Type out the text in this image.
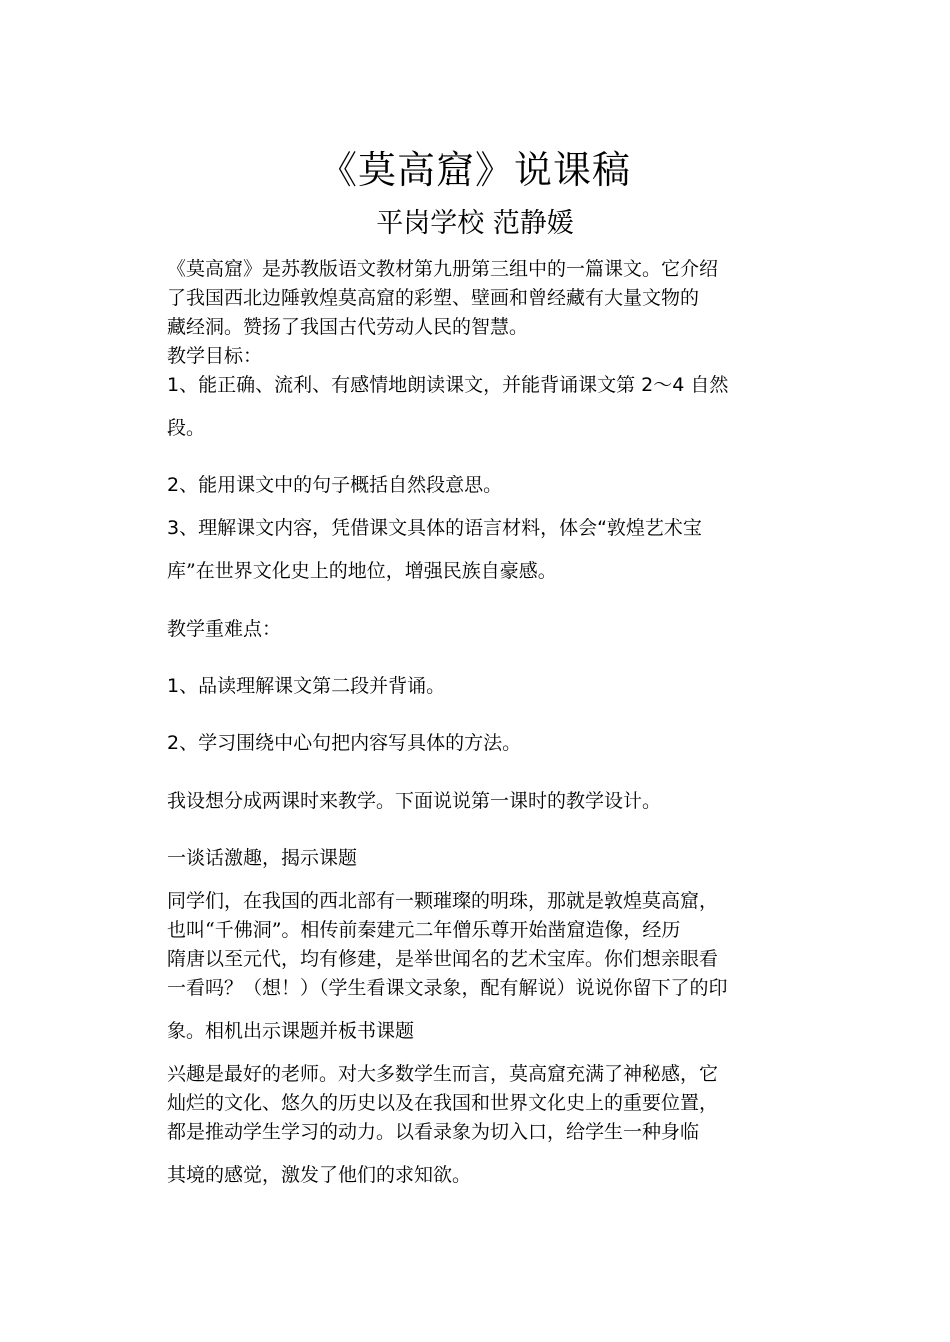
《莫高窟》说课稿
平岗学校 范静媛
《莫高窟》是苏教版语文教材第九册第三组中的一篇课文。它介绍
了我国西北边陲敦煌莫高窟的彩塑、壁画和曾经藏有大量文物的
藏经洞。赞扬了我国古代劳动人民的智慧。
教学目标：
1、能正确、流利、有感情地朗读课文，并能背诵课文第 2～4 自然
段。
2、能用课文中的句子概括自然段意思。
3、理解课文内容，凭借课文具体的语言材料，体会“敦煌艺术宝
库”在世界文化史上的地位，增强民族自豪感。
教学重难点：
1、品读理解课文第二段并背诵。
2、学习围绕中心句把内容写具体的方法。
我设想分成两课时来教学。下面说说第一课时的教学设计。
一谈话激趣，揭示课题
同学们，在我国的西北部有一颗璀璨的明珠，那就是敦煌莫高窟，
也叫“千佛洞”。相传前秦建元二年僧乐尊开始凿窟造像，经历
隋唐以至元代，均有修建，是举世闻名的艺术宝库。你们想亲眼看
一看吗？（想！）（学生看课文录象，配有解说）说说你留下了的印
象。相机出示课题并板书课题
兴趣是最好的老师。对大多数学生而言，莫高窟充满了神秘感，它
灿烂的文化、悠久的历史以及在我国和世界文化史上的重要位置，
都是推动学生学习的动力。以看录象为切入口，给学生一种身临
其境的感觉，激发了他们的求知欲。
